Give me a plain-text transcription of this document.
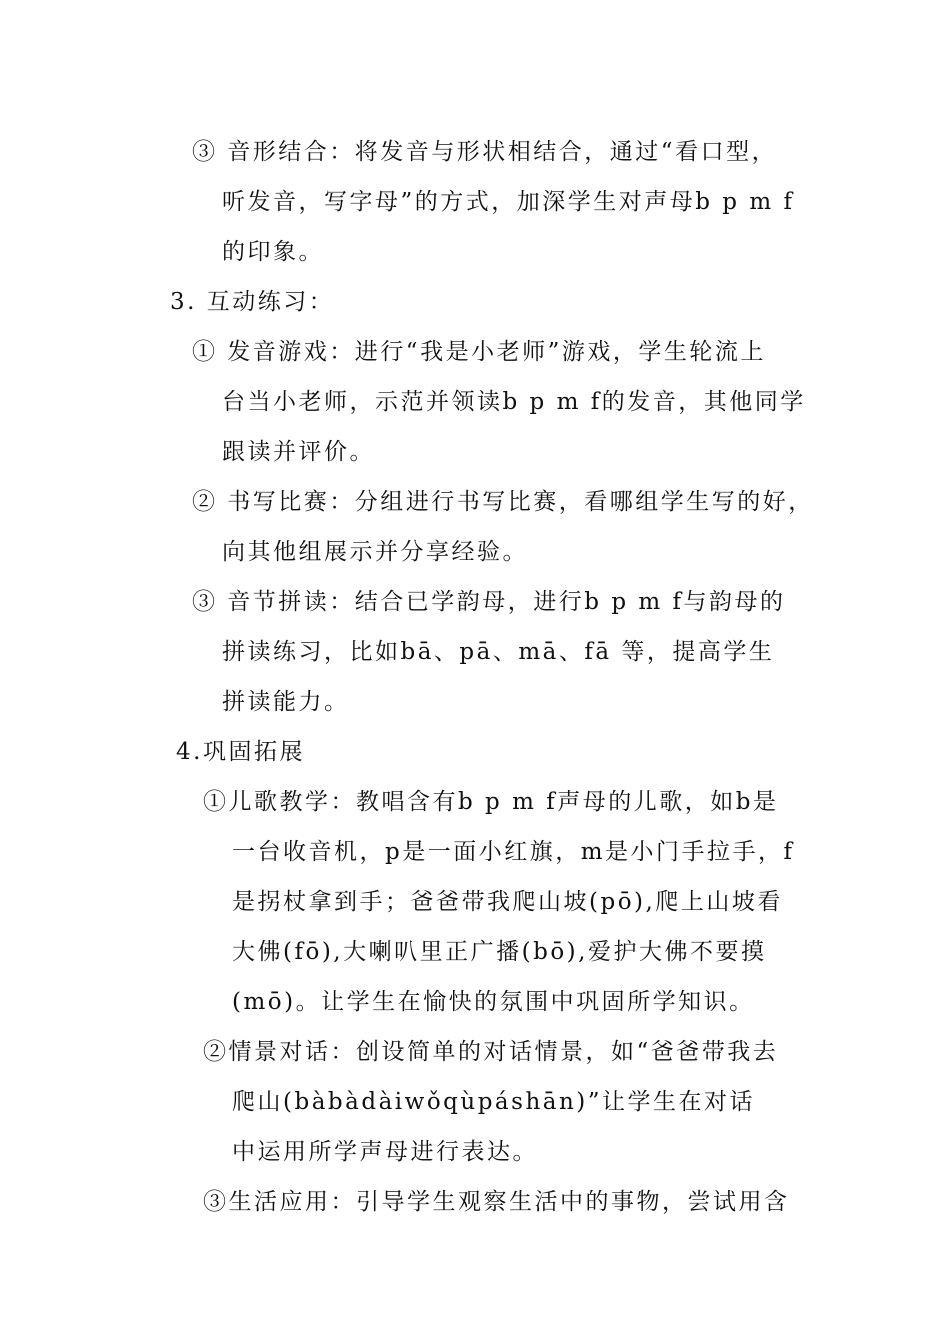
③ 音形结合：将发音与形状相结合，通过“看口型，
听发音，写字母”的方式，加深学生对声母b p m f
的印象。
3. 互动练习：
① 发音游戏：进行“我是小老师”游戏，学生轮流上
台当小老师，示范并领读b p m f的发音，其他同学
跟读并评价。
② 书写比赛：分组进行书写比赛，看哪组学生写的好，
向其他组展示并分享经验。
③ 音节拼读：结合已学韵母，进行b p m f与韵母的
拼读练习，比如bā、pā、mā、fā 等，提高学生
拼读能力。
4.巩固拓展
①儿歌教学：教唱含有b p m f声母的儿歌，如b是
一台收音机，p是一面小红旗，m是小门手拉手，f
是拐杖拿到手；爸爸带我爬山坡(pō),爬上山坡看
大佛(fō),大喇叭里正广播(bō),爱护大佛不要摸
(mō)。让学生在愉快的氛围中巩固所学知识。
②情景对话：创设简单的对话情景，如“爸爸带我去
爬山(bàbàdàiwǒqùpáshān)”让学生在对话
中运用所学声母进行表达。
③生活应用：引导学生观察生活中的事物，尝试用含
